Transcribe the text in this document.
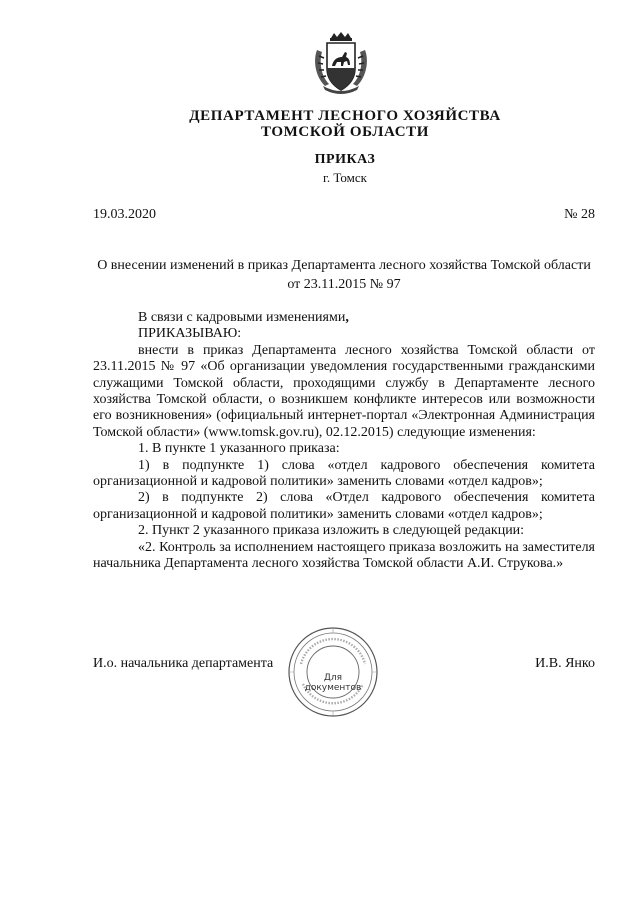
ДЕПАРТАМЕНТ ЛЕСНОГО ХОЗЯЙСТВА
ТОМСКОЙ ОБЛАСТИ
ПРИКАЗ
г. Томск
19.03.2020	№ 28
О внесении изменений в приказ Департамента лесного хозяйства Томской области
от 23.11.2015 № 97

В связи с кадровыми изменениями,

ПРИКАЗЫВАЮ:

внести в приказ Департамента лесного хозяйства Томской области от 23.11.2015 № 97 «Об организации уведомления государственными гражданскими служащими Томской области, проходящими службу в Департаменте лесного хозяйства Томской области, о возникшем конфликте интересов или возможности его возникновения» (официальный интернет-портал «Электронная Администрация Томской области» (www.tomsk.gov.ru), 02.12.2015) следующие изменения:

1. В пункте 1 указанного приказа:

1) в подпункте 1) слова «отдел кадрового обеспечения комитета организационной и кадровой политики» заменить словами «отдел кадров»;

2) в подпункте 2) слова «Отдел кадрового обеспечения комитета организационной и кадровой политики» заменить словами «отдел кадров»;

2. Пункт 2 указанного приказа изложить в следующей редакции:

«2. Контроль за исполнением настоящего приказа возложить на заместителя начальника Департамента лесного хозяйства Томской области А.И. Струкова.»

И.о. начальника департамента	И.В. Янко
Для
документов
